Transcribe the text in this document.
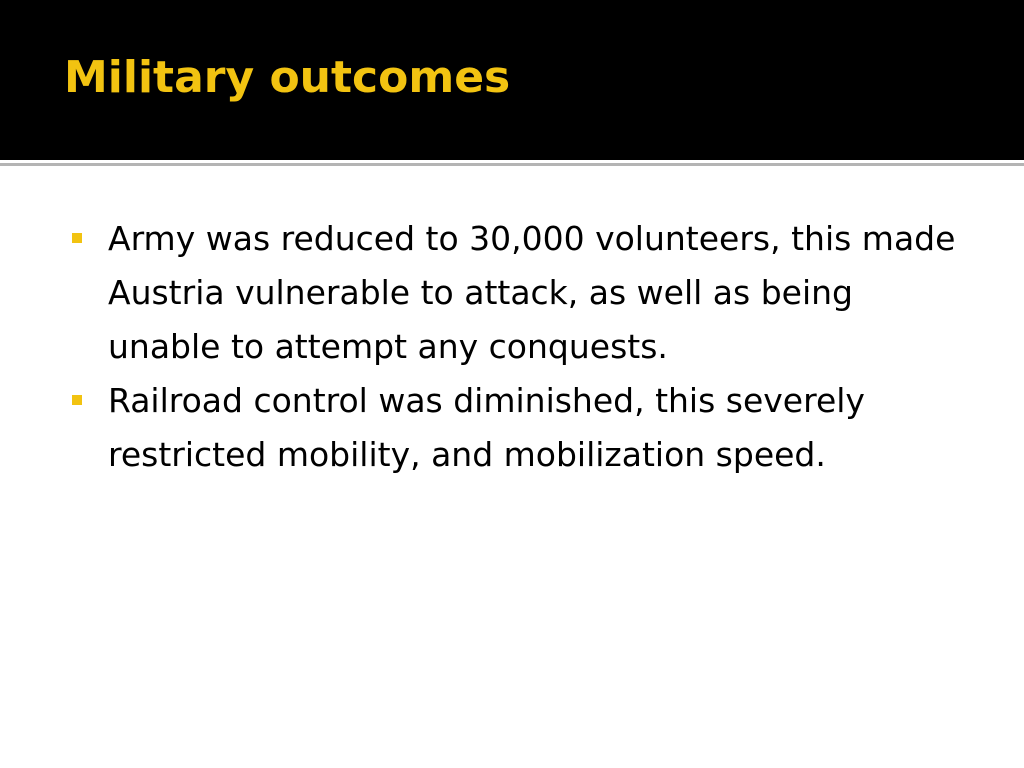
Military outcomes
Army was reduced to 30,000 volunteers, this made Austria vulnerable to attack, as well as being unable to attempt any conquests.
Railroad control was diminished, this severely restricted mobility, and mobilization speed.
